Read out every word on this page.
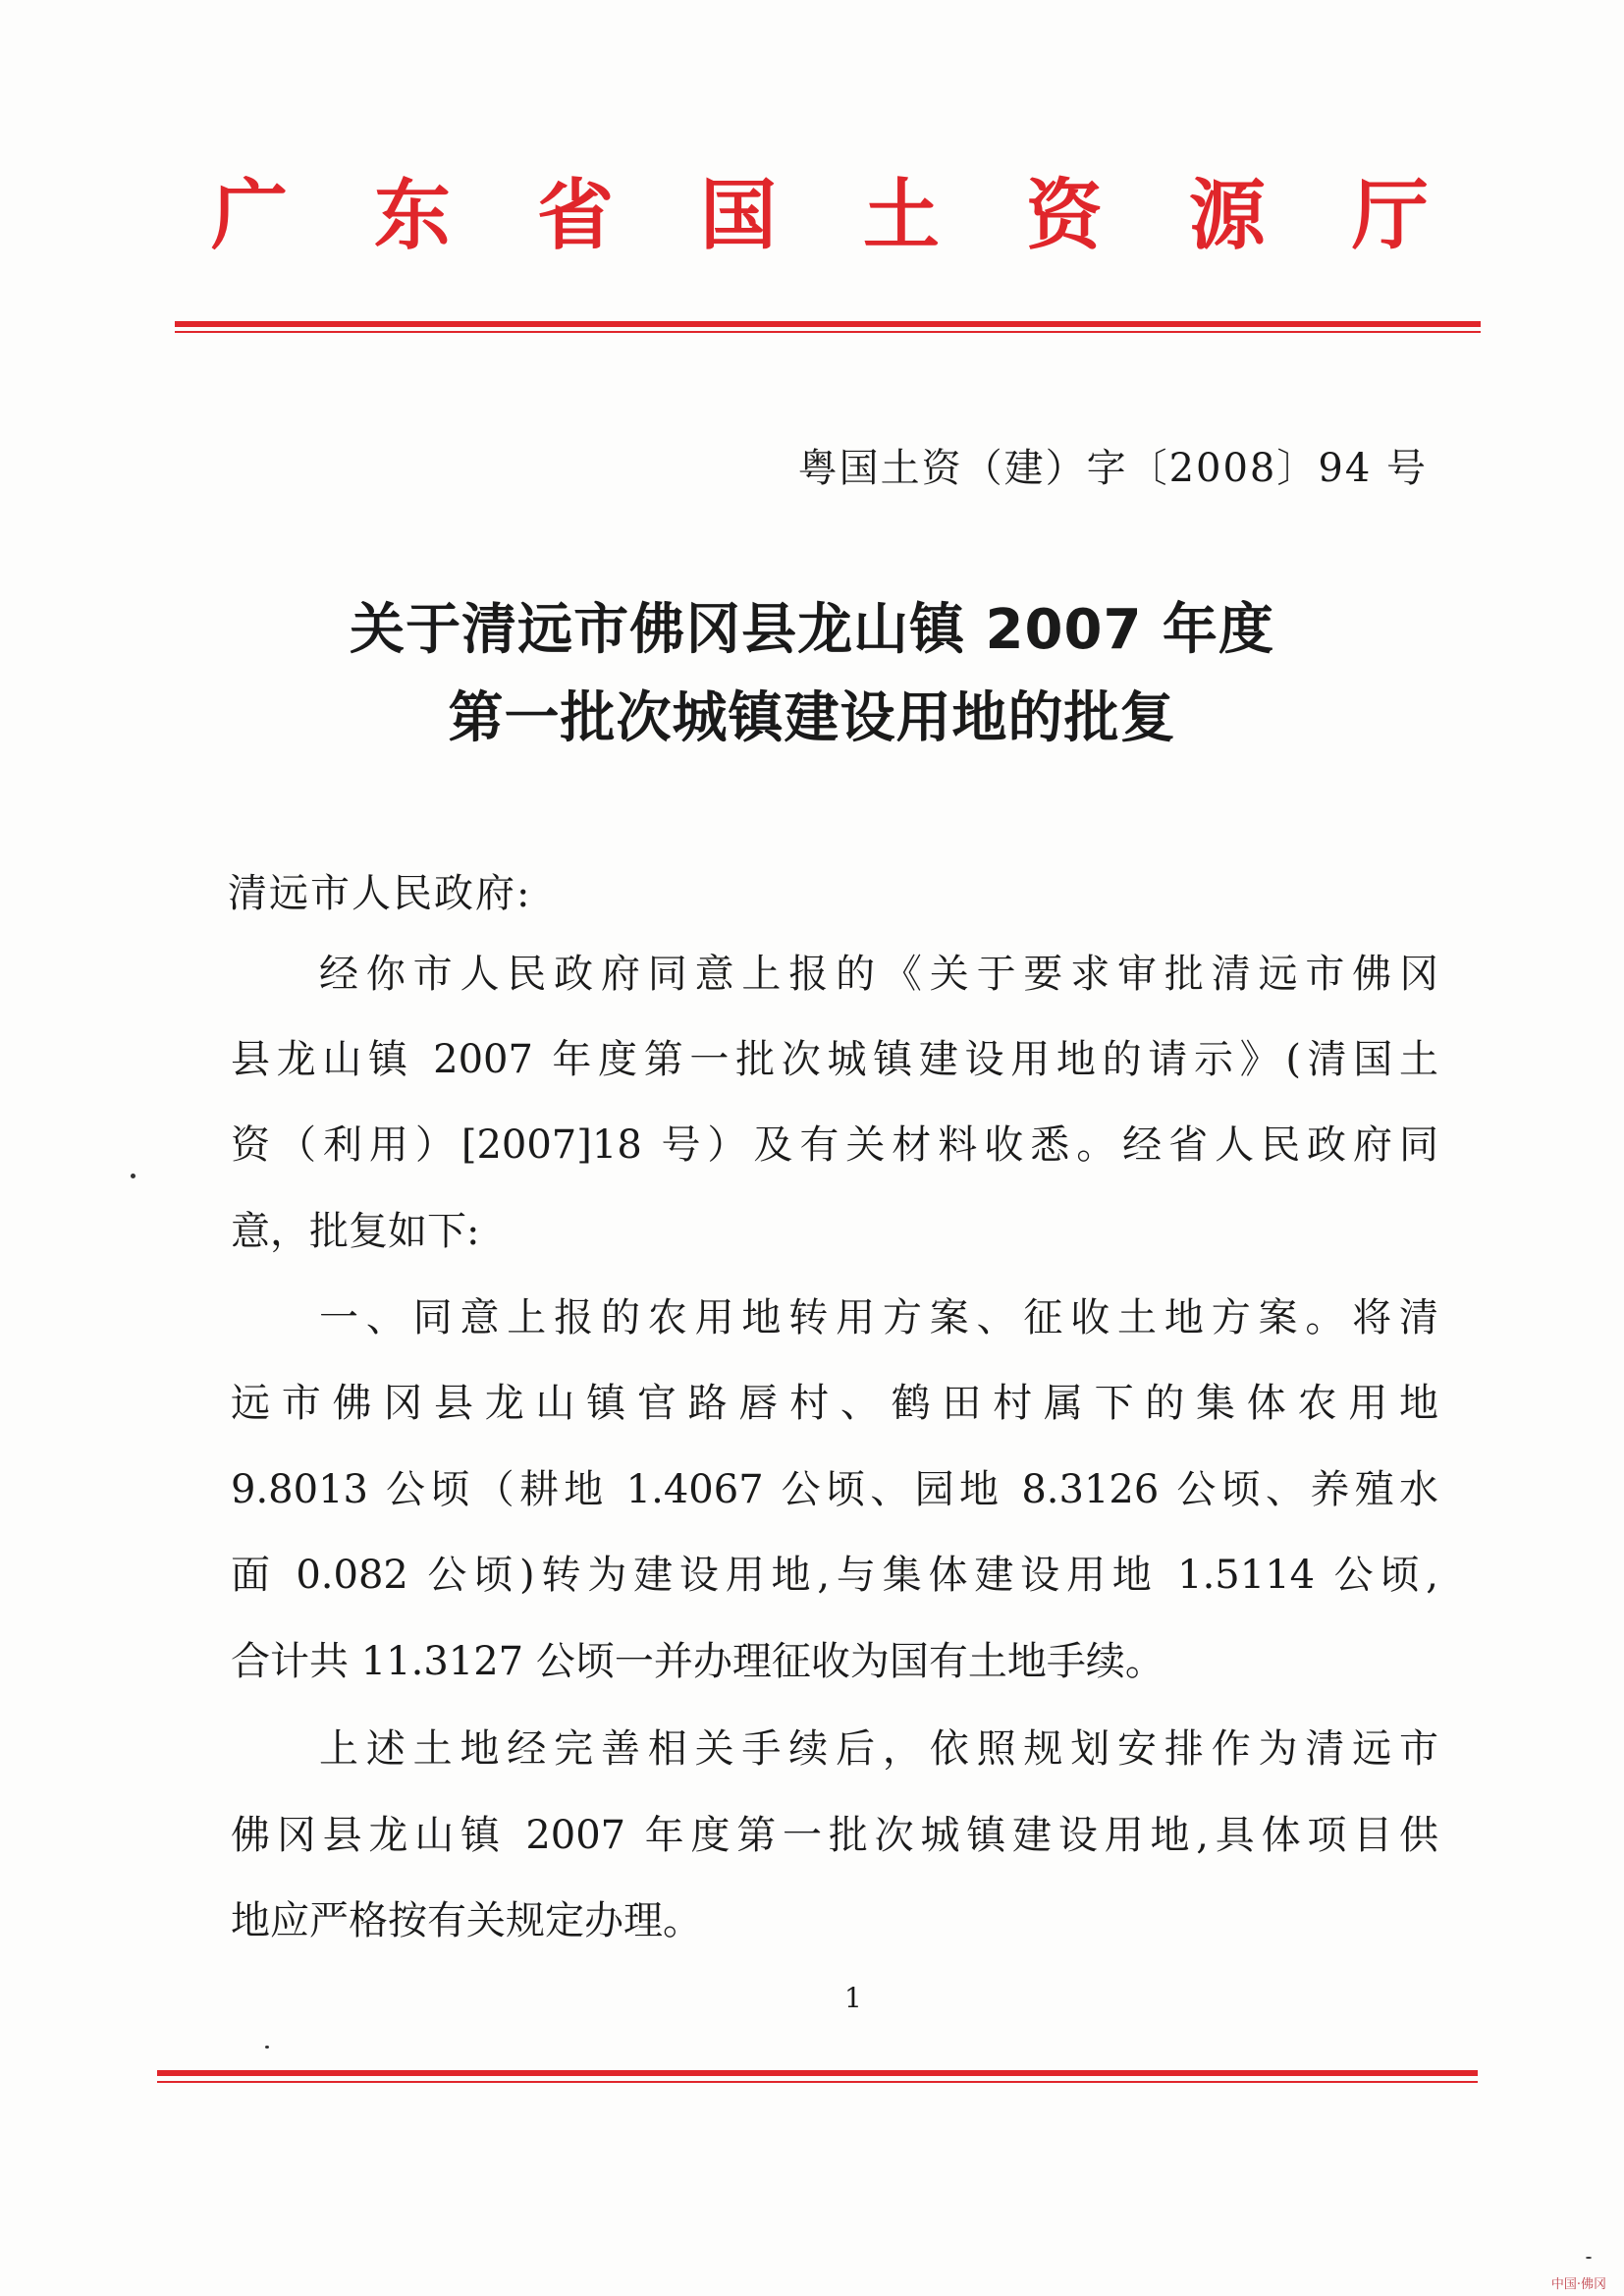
广 东 省 国 土 资 源 厅
粤国土资（建）字〔2008〕94 号
关于清远市佛冈县龙山镇 2007 年度
第一批次城镇建设用地的批复
清远市人民政府:
经你市人民政府同意上报的《关于要求审批清远市佛冈
县龙山镇 2007 年度第一批次城镇建设用地的请示》(清国土
资（利用）[2007]18 号）及有关材料收悉。经省人民政府同
意，批复如下:
一、同意上报的农用地转用方案、征收土地方案。将清
远市佛冈县龙山镇官路唇村、鹤田村属下的集体农用地
9.8013 公顷（耕地 1.4067 公顷、园地 8.3126 公顷、养殖水
面 0.082 公顷)转为建设用地,与集体建设用地 1.5114 公顷,
合计共 11.3127 公顷一并办理征收为国有土地手续。
上述土地经完善相关手续后，依照规划安排作为清远市
佛冈县龙山镇 2007 年度第一批次城镇建设用地,具体项目供
地应严格按有关规定办理。
1
中国·佛冈
